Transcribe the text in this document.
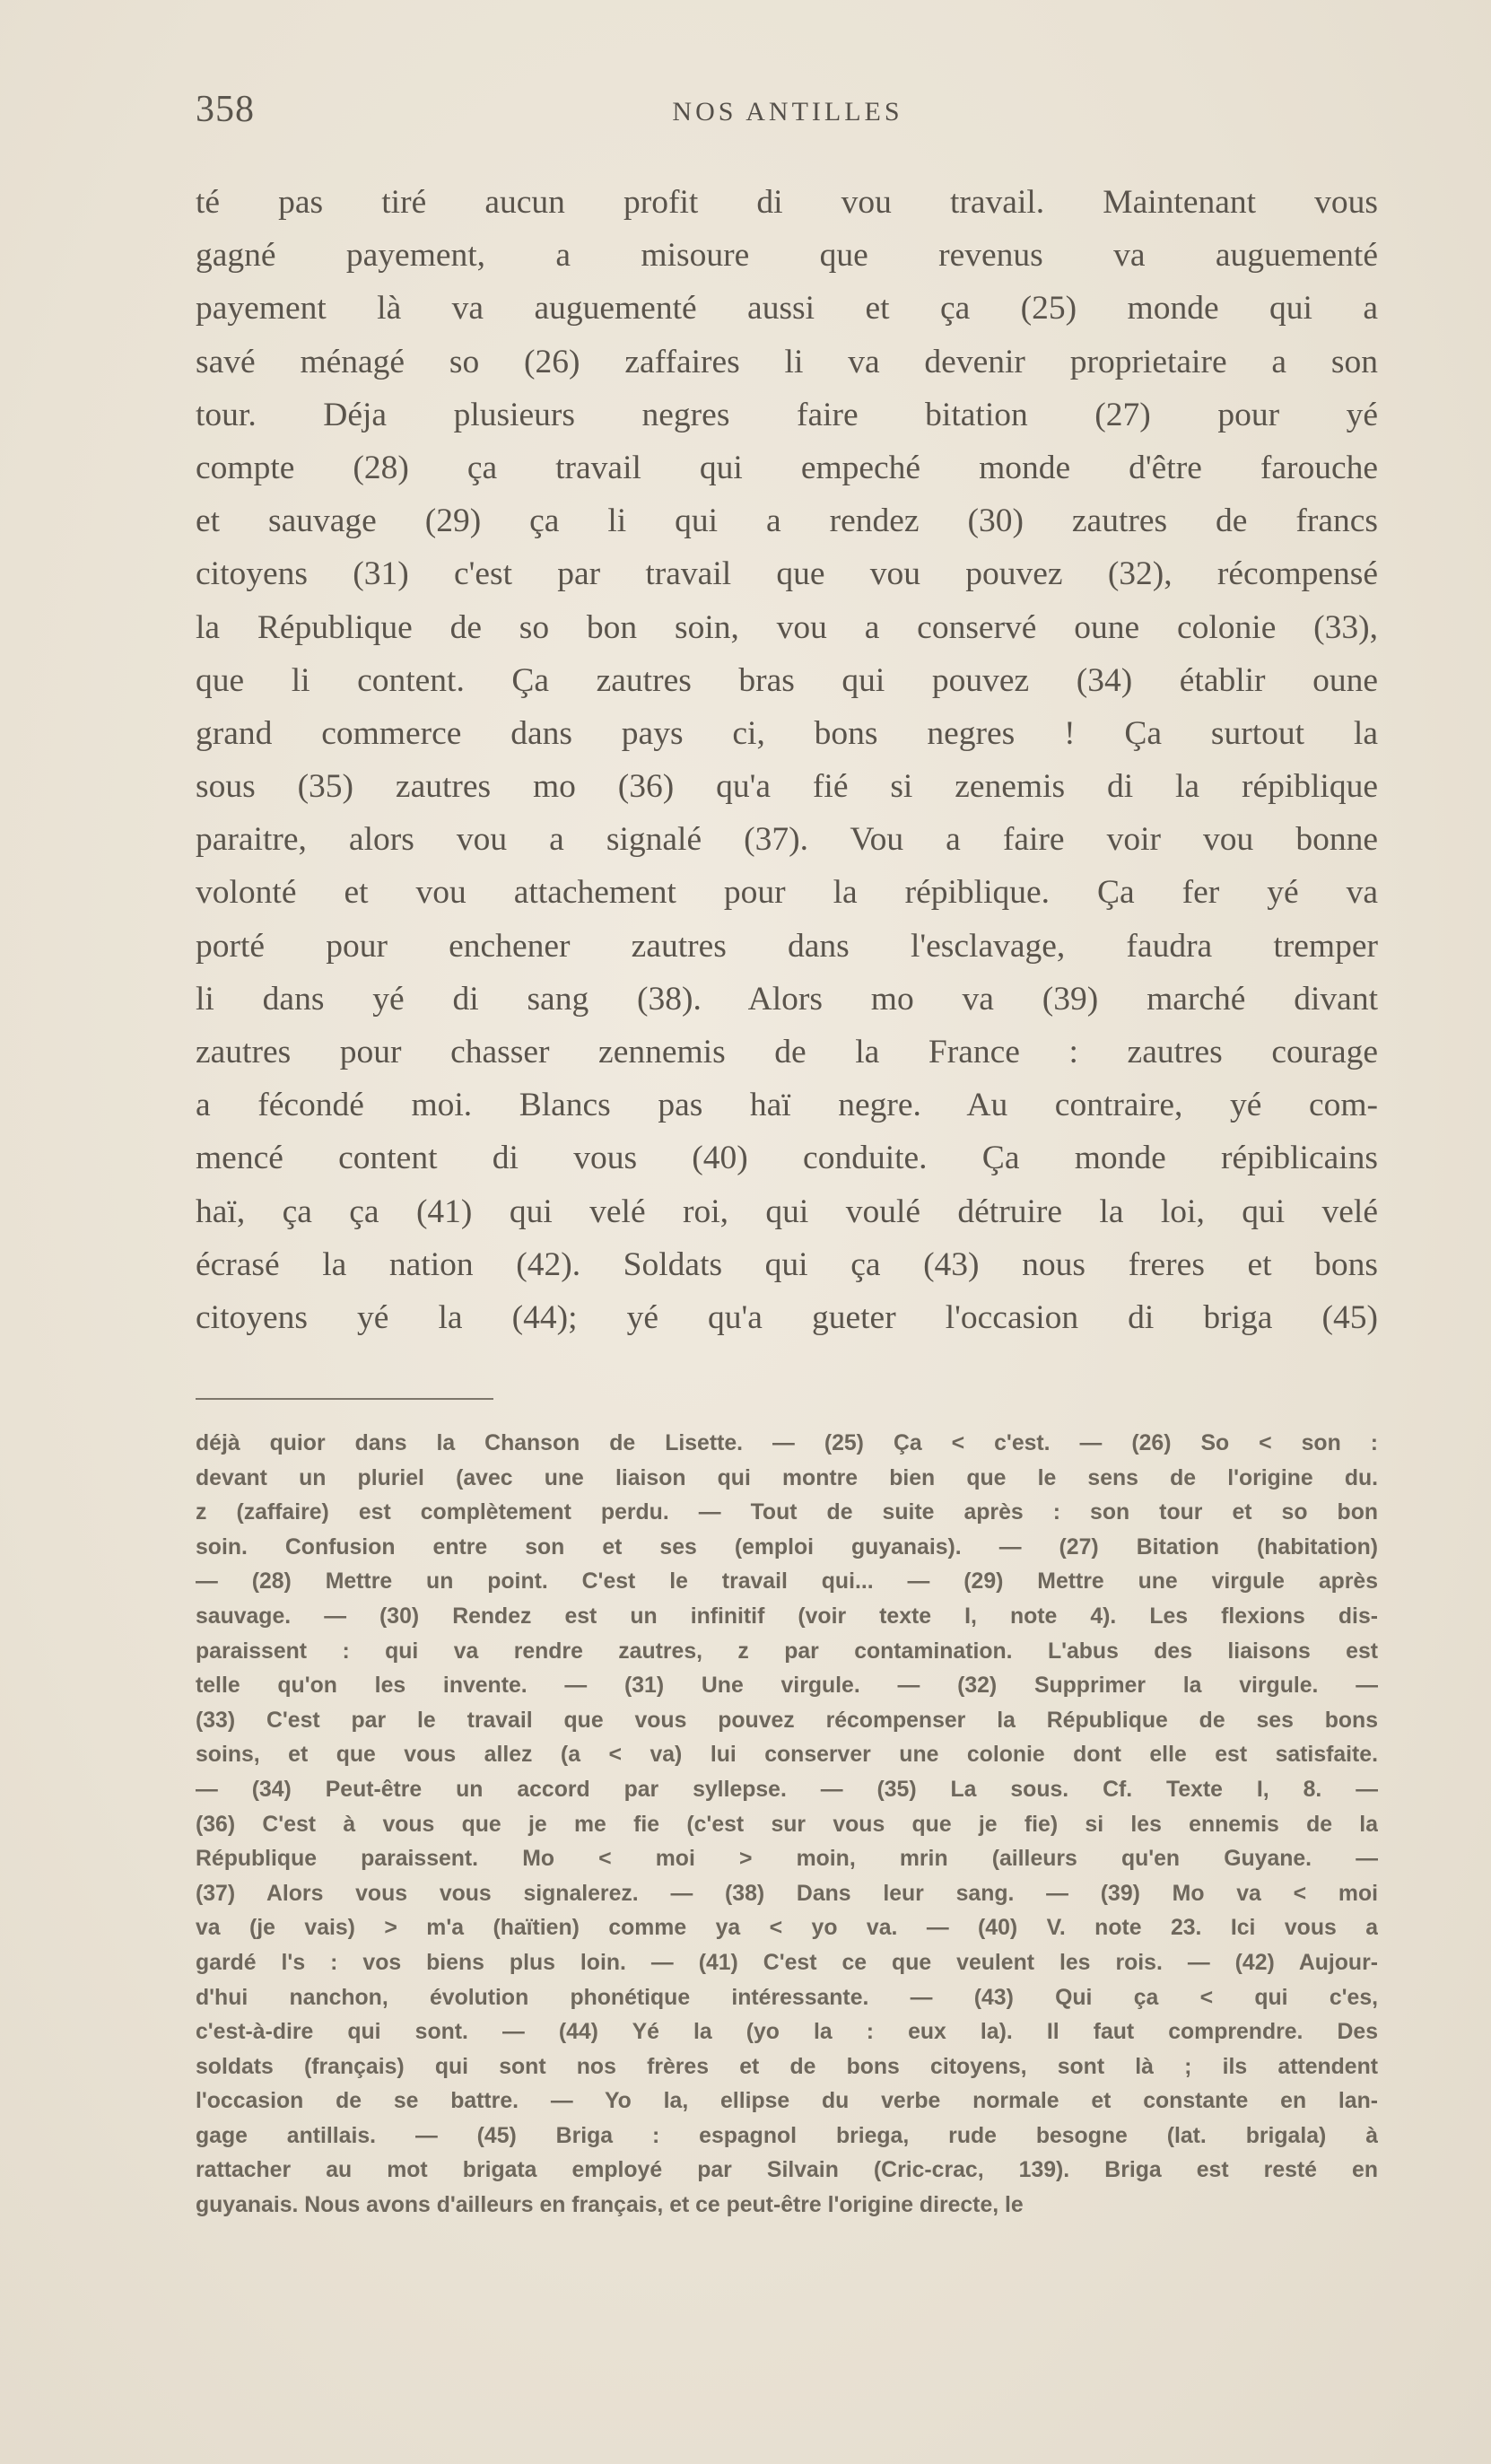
358	NOS ANTILLES
té pas tiré aucun profit di vou travail. Maintenant vous
gagné payement, a misoure que revenus va auguementé
payement là va auguementé aussi et ça (25) monde qui a
savé ménagé so (26) zaffaires li va devenir proprietaire a son
tour. Déja plusieurs negres faire bitation (27) pour yé
compte (28) ça travail qui empeché monde d'être farouche
et sauvage (29) ça li qui a rendez (30) zautres de francs
citoyens (31) c'est par travail que vou pouvez (32), récompensé
la République de so bon soin, vou a conservé oune colonie (33),
que li content. Ça zautres bras qui pouvez (34) établir oune
grand commerce dans pays ci, bons negres ! Ça surtout la
sous (35) zautres mo (36) qu'a fié si zenemis di la répiblique
paraitre, alors vou a signalé (37). Vou a faire voir vou bonne
volonté et vou attachement pour la répiblique. Ça fer yé va
porté pour enchener zautres dans l'esclavage, faudra tremper
li dans yé di sang (38). Alors mo va (39) marché divant
zautres pour chasser zennemis de la France : zautres courage
a fécondé moi. Blancs pas haï negre. Au contraire, yé com-
mencé content di vous (40) conduite. Ça monde répiblicains
haï, ça ça (41) qui velé roi, qui voulé détruire la loi, qui velé
écrasé la nation (42). Soldats qui ça (43) nous freres et bons
citoyens yé la (44); yé qu'a gueter l'occasion di briga (45)
déjà quior dans la Chanson de Lisette. — (25) Ça < c'est. — (26) So < son :
devant un pluriel (avec une liaison qui montre bien que le sens de l'origine du.
z (zaffaire) est complètement perdu. — Tout de suite après : son tour et so bon
soin. Confusion entre son et ses (emploi guyanais). — (27) Bitation (habitation)
— (28) Mettre un point. C'est le travail qui... — (29) Mettre une virgule après
sauvage. — (30) Rendez est un infinitif (voir texte I, note 4). Les flexions dis-
paraissent : qui va rendre zautres, z par contamination. L'abus des liaisons est
telle qu'on les invente. — (31) Une virgule. — (32) Supprimer la virgule. —
(33) C'est par le travail que vous pouvez récompenser la République de ses bons
soins, et que vous allez (a < va) lui conserver une colonie dont elle est satisfaite.
— (34) Peut-être un accord par syllepse. — (35) La sous. Cf. Texte I, 8. —
(36) C'est à vous que je me fie (c'est sur vous que je fie) si les ennemis de la
République paraissent. Mo < moi > moin, mrin (ailleurs qu'en Guyane. —
(37) Alors vous vous signalerez. — (38) Dans leur sang. — (39) Mo va < moi
va (je vais) > m'a (haïtien) comme ya < yo va. — (40) V. note 23. Ici vous a
gardé l's : vos biens plus loin. — (41) C'est ce que veulent les rois. — (42) Aujour-
d'hui nanchon, évolution phonétique intéressante. — (43) Qui ça < qui c'es,
c'est-à-dire qui sont. — (44) Yé la (yo la : eux la). Il faut comprendre. Des
soldats (français) qui sont nos frères et de bons citoyens, sont là ; ils attendent
l'occasion de se battre. — Yo la, ellipse du verbe normale et constante en lan-
gage antillais. — (45) Briga : espagnol briega, rude besogne (lat. brigala) à
rattacher au mot brigata employé par Silvain (Cric-crac, 139). Briga est resté en
guyanais. Nous avons d'ailleurs en français, et ce peut-être l'origine directe, le
